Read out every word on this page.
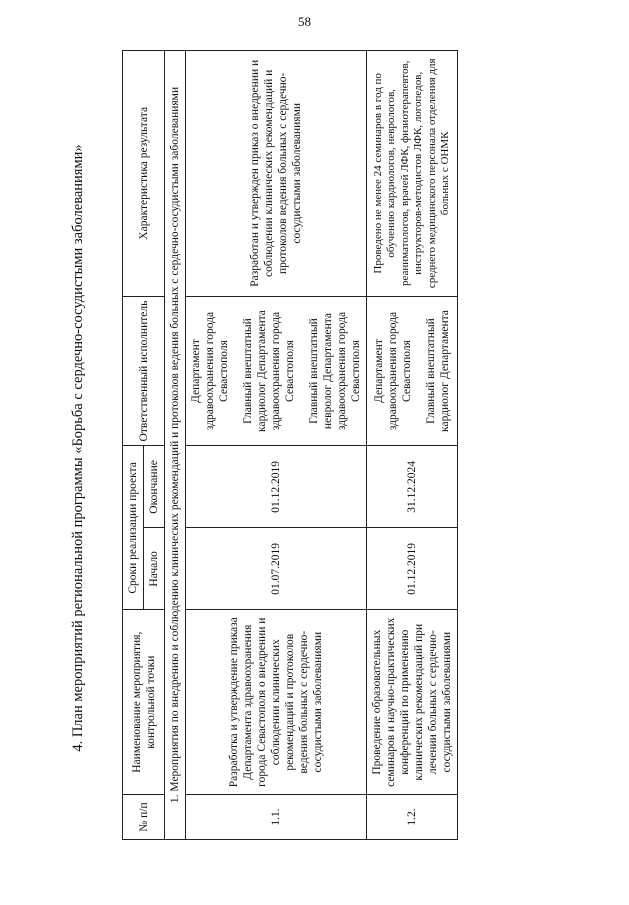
58
4. План мероприятий региональной программы «Борьба с сердечно-сосудистыми заболеваниями»
№ п/п	Наименование мероприятия, контрольной точки	Сроки реализации проекта		Ответственный исполнитель	Характеристика результата
		Начало	Окончание		
1. Мероприятия по внедрению и соблюдению клинических рекомендаций и протоколов ведения больных с сердечно-сосудистыми заболеваниями					
1.1.	Разработка и утверждение приказа Департамента здравоохранения города Севастополя о внедрении и соблюдении клинических рекомендаций и протоколов ведения больных с сердечно-сосудистыми заболеваниями	01.07.2019	01.12.2019	Департамент здравоохранения города Севастополя Главный внештатный кардиолог Департамента здравоохранения города Севастополя Главный внештатный невролог Департамента здравоохранения города Севастополя	Разработан и утвержден приказ о внедрении и соблюдении клинических рекомендаций и протоколов ведения больных с сердечно-сосудистыми заболеваниями
1.2.	Проведение образовательных семинаров и научно-практических конференций по применению клинических рекомендаций при лечении больных с сердечно-сосудистыми заболеваниями	01.12.2019	31.12.2024	Департамент здравоохранения города Севастополя Главный внештатный кардиолог Департамента	Проведено не менее 24 семинаров в год по обучению кардиологов, неврологов, реаниматологов, врачей ЛФК, физиотерапевтов, инструкторов-методистов ЛФК, логопедов, среднего медицинского персонала отделения для больных с ОНМК
